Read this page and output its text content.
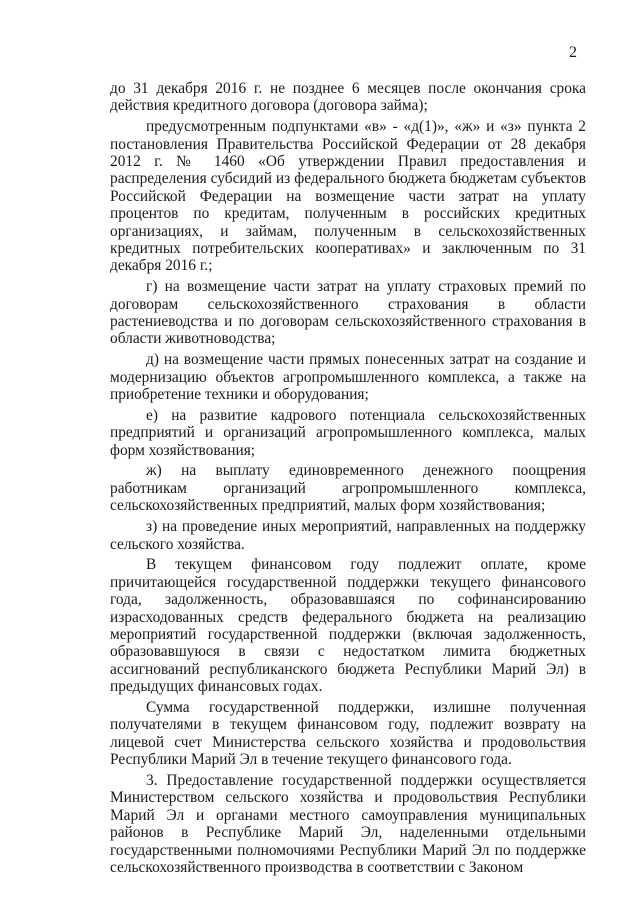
2

до 31 декабря 2016 г. не позднее 6 месяцев после окончания срока действия кредитного договора (договора займа);

предусмотренным подпунктами «в» - «д(1)», «ж» и «з» пункта 2 постановления Правительства Российской Федерации от 28 декабря 2012 г. № 1460 «Об утверждении Правил предоставления и распределения субсидий из федерального бюджета бюджетам субъектов Российской Федерации на возмещение части затрат на уплату процентов по кредитам, полученным в российских кредитных организациях, и займам, полученным в сельскохозяйственных кредитных потребительских кооперативах» и заключенным по 31 декабря 2016 г.;

г) на возмещение части затрат на уплату страховых премий по договорам сельскохозяйственного страхования в области растениеводства и по договорам сельскохозяйственного страхования в области животноводства;

д) на возмещение части прямых понесенных затрат на создание и модернизацию объектов агропромышленного комплекса, а также на приобретение техники и оборудования;

е) на развитие кадрового потенциала сельскохозяйственных предприятий и организаций агропромышленного комплекса, малых форм хозяйствования;

ж) на выплату единовременного денежного поощрения работникам организаций агропромышленного комплекса, сельскохозяйственных предприятий, малых форм хозяйствования;

з) на проведение иных мероприятий, направленных на поддержку сельского хозяйства.

В текущем финансовом году подлежит оплате, кроме причитающейся государственной поддержки текущего финансового года, задолженность, образовавшаяся по софинансированию израсходованных средств федерального бюджета на реализацию мероприятий государственной поддержки (включая задолженность, образовавшуюся в связи с недостатком лимита бюджетных ассигнований республиканского бюджета Республики Марий Эл) в предыдущих финансовых годах.

Сумма государственной поддержки, излишне полученная получателями в текущем финансовом году, подлежит возврату на лицевой счет Министерства сельского хозяйства и продовольствия Республики Марий Эл в течение текущего финансового года.

3. Предоставление государственной поддержки осуществляется Министерством сельского хозяйства и продовольствия Республики Марий Эл и органами местного самоуправления муниципальных районов в Республике Марий Эл, наделенными отдельными государственными полномочиями Республики Марий Эл по поддержке сельскохозяйственного производства в соответствии с Законом
